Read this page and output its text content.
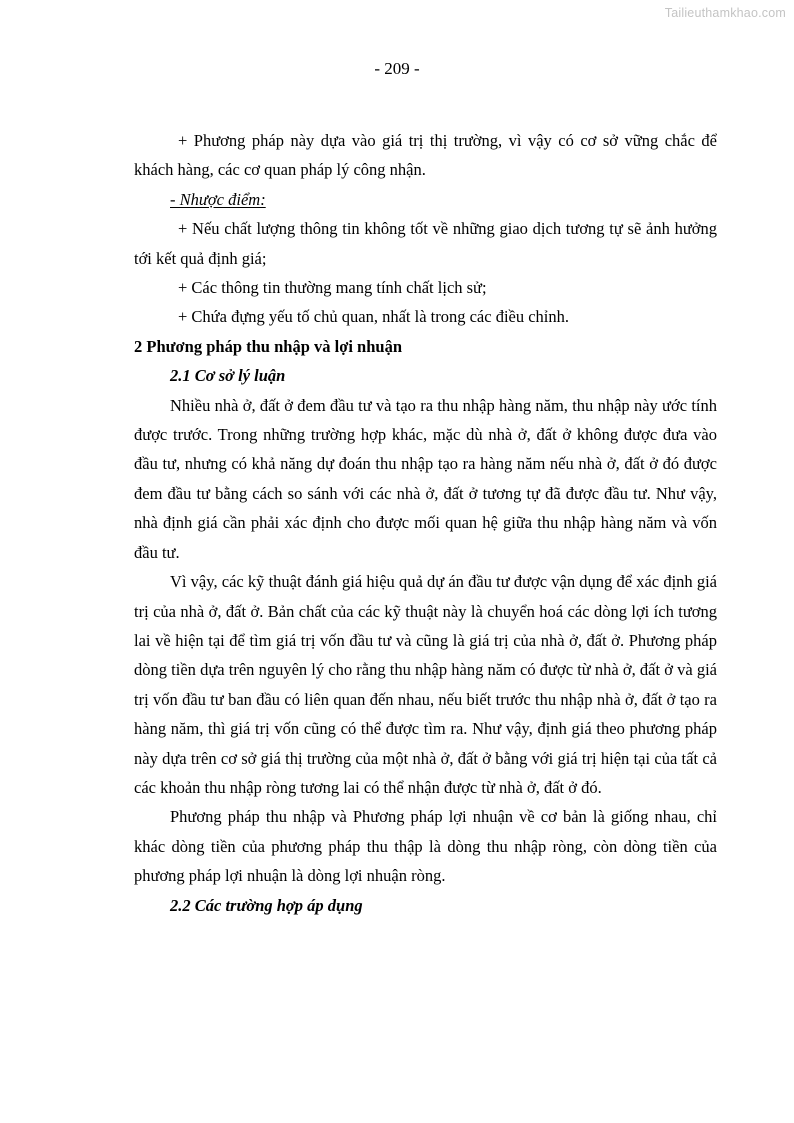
Tailieuthamkhao.com
- 209 -

+ Phương pháp này dựa vào giá trị thị trường, vì vậy có cơ sở vững chắc để khách hàng, các cơ quan pháp lý công nhận.

- Nhược điểm:

+ Nếu chất lượng thông tin không tốt về những giao dịch tương tự sẽ ảnh hưởng tới kết quả định giá;

+ Các thông tin thường mang tính chất lịch sử;

+ Chứa đựng yếu tố chủ quan, nhất là trong các điều chỉnh.

2 Phương pháp thu nhập và lợi nhuận

2.1 Cơ sở lý luận

Nhiều nhà ở, đất ở đem đầu tư và tạo ra thu nhập hàng năm, thu nhập này ước tính được trước. Trong những trường hợp khác, mặc dù nhà ở, đất ở không được đưa vào đầu tư, nhưng có khả năng dự đoán thu nhập tạo ra hàng năm nếu nhà ở, đất ở đó được đem đầu tư bằng cách so sánh với các nhà ở, đất ở tương tự đã được đầu tư. Như vậy, nhà định giá cần phải xác định cho được mối quan hệ giữa thu nhập hàng năm và vốn đầu tư.

Vì vậy, các kỹ thuật đánh giá hiệu quả dự án đầu tư được vận dụng để xác định giá trị của nhà ở, đất ở. Bản chất của các kỹ thuật này là chuyển hoá các dòng lợi ích tương lai về hiện tại để tìm giá trị vốn đầu tư và cũng là giá trị của nhà ở, đất ở. Phương pháp dòng tiền dựa trên nguyên lý cho rằng thu nhập hàng năm có được từ nhà ở, đất ở và giá trị vốn đầu tư ban đầu có liên quan đến nhau, nếu biết trước thu nhập nhà ở, đất ở tạo ra hàng năm, thì giá trị vốn cũng có thể được tìm ra. Như vậy, định giá theo phương pháp này dựa trên cơ sở giá thị trường của một nhà ở, đất ở bằng với giá trị hiện tại của tất cả các khoản thu nhập ròng tương lai có thể nhận được từ nhà ở, đất ở đó.

Phương pháp thu nhập và Phương pháp lợi nhuận về cơ bản là giống nhau, chỉ khác dòng tiền của phương pháp thu thập là dòng thu nhập ròng, còn dòng tiền của phương pháp lợi nhuận là dòng lợi nhuận ròng.

2.2 Các trường hợp áp dụng
